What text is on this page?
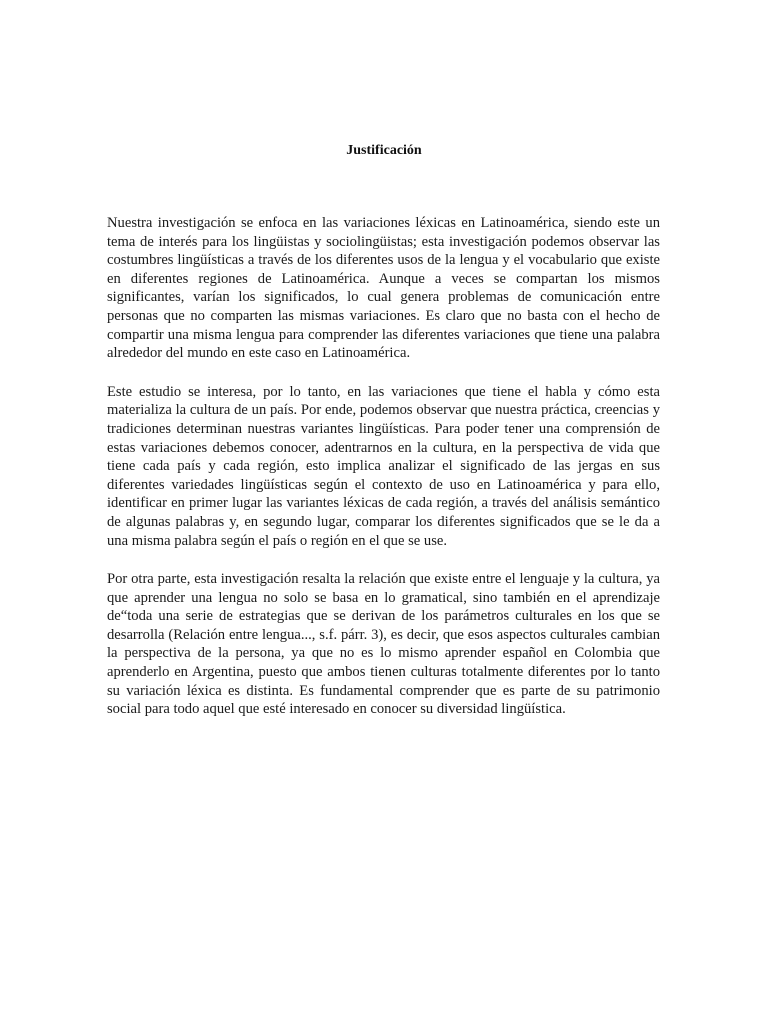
Justificación

Nuestra investigación se enfoca en las variaciones léxicas en Latinoamérica, siendo este un tema de interés para los lingüistas y sociolingüistas; esta investigación podemos observar las costumbres lingüísticas a través de los diferentes usos de la lengua y el vocabulario que existe en diferentes regiones de Latinoamérica. Aunque a veces se compartan los mismos significantes, varían los significados, lo cual genera problemas de comunicación entre personas que no comparten las mismas variaciones. Es claro que no basta con el hecho de compartir una misma lengua para comprender las diferentes variaciones que tiene una palabra alrededor del mundo en este caso en Latinoamérica.

Este estudio se interesa, por lo tanto, en las variaciones que tiene el habla y cómo esta materializa la cultura de un país. Por ende, podemos observar que nuestra práctica, creencias y tradiciones determinan nuestras variantes lingüísticas. Para poder tener una comprensión de estas variaciones debemos conocer, adentrarnos en la cultura, en la perspectiva de vida que tiene cada país y cada región, esto implica analizar el significado de las jergas en sus diferentes variedades lingüísticas según el contexto de uso en Latinoamérica y para ello, identificar en primer lugar las variantes léxicas de cada región, a través del análisis semántico de algunas palabras y, en segundo lugar, comparar los diferentes significados que se le da a una misma palabra según el país o región en el que se use.

Por otra parte, esta investigación resalta la relación que existe entre el lenguaje y la cultura, ya que aprender una lengua no solo se basa en lo gramatical, sino también en el aprendizaje de“toda una serie de estrategias que se derivan de los parámetros culturales en los que se desarrolla (Relación entre lengua..., s.f. párr. 3), es decir, que esos aspectos culturales cambian la perspectiva de la persona, ya que no es lo mismo aprender español en Colombia que aprenderlo en Argentina, puesto que ambos tienen culturas totalmente diferentes por lo tanto su variación léxica es distinta. Es fundamental comprender que es parte de su patrimonio social para todo aquel que esté interesado en conocer su diversidad lingüística.
